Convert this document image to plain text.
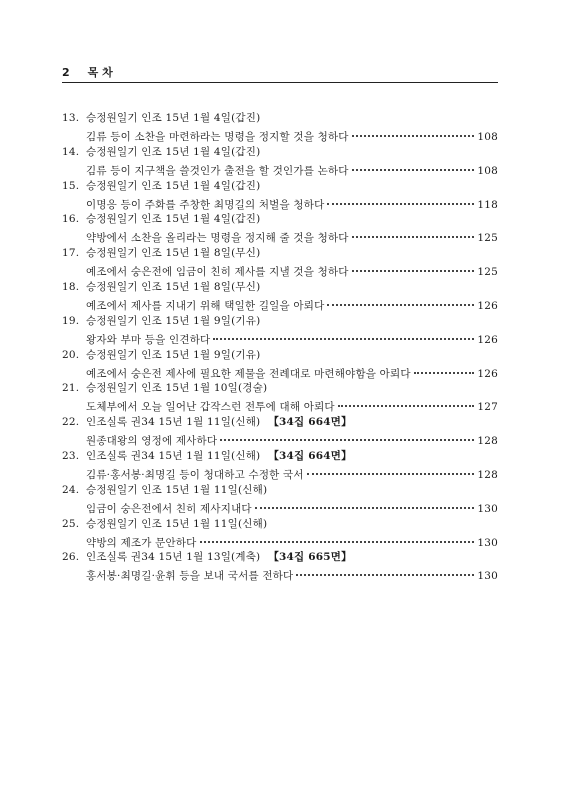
2 목 차
13. 승정원일기 인조 15년 1월 4일(갑진)
김류 등이 소찬을 마련하라는 명령을 정지할 것을 청하다	108
14. 승정원일기 인조 15년 1월 4일(갑진)
김류 등이 지구책을 쓸것인가 출전을 할 것인가를 논하다	108
15. 승정원일기 인조 15년 1월 4일(갑진)
이명응 등이 주화를 주창한 최명길의 처벌을 청하다	118
16. 승정원일기 인조 15년 1월 4일(갑진)
약방에서 소찬을 올리라는 명령을 정지해 줄 것을 청하다	125
17. 승정원일기 인조 15년 1월 8일(무신)
예조에서 숭은전에 임금이 친히 제사를 지낼 것을 청하다	125
18. 승정원일기 인조 15년 1월 8일(무신)
예조에서 제사를 지내기 위해 택일한 길일을 아뢰다	126
19. 승정원일기 인조 15년 1월 9일(기유)
왕자와 부마 등을 인견하다	126
20. 승정원일기 인조 15년 1월 9일(기유)
예조에서 숭은전 제사에 필요한 제물을 전례대로 마련해야함을 아뢰다	126
21. 승정원일기 인조 15년 1월 10일(경술)
도체부에서 오늘 일어난 갑작스런 전투에 대해 아뢰다	127
22. 인조실록 권34 15년 1월 11일(신해) 【34집 664면】
원종대왕의 영정에 제사하다	128
23. 인조실록 권34 15년 1월 11일(신해) 【34집 664면】
김류·홍서봉·최명길 등이 청대하고 수정한 국서	128
24. 승정원일기 인조 15년 1월 11일(신해)
임금이 숭은전에서 친히 제사지내다	130
25. 승정원일기 인조 15년 1월 11일(신해)
약방의 제조가 문안하다	130
26. 인조실록 권34 15년 1월 13일(계축) 【34집 665면】
홍서봉·최명길·윤휘 등을 보내 국서를 전하다	130
